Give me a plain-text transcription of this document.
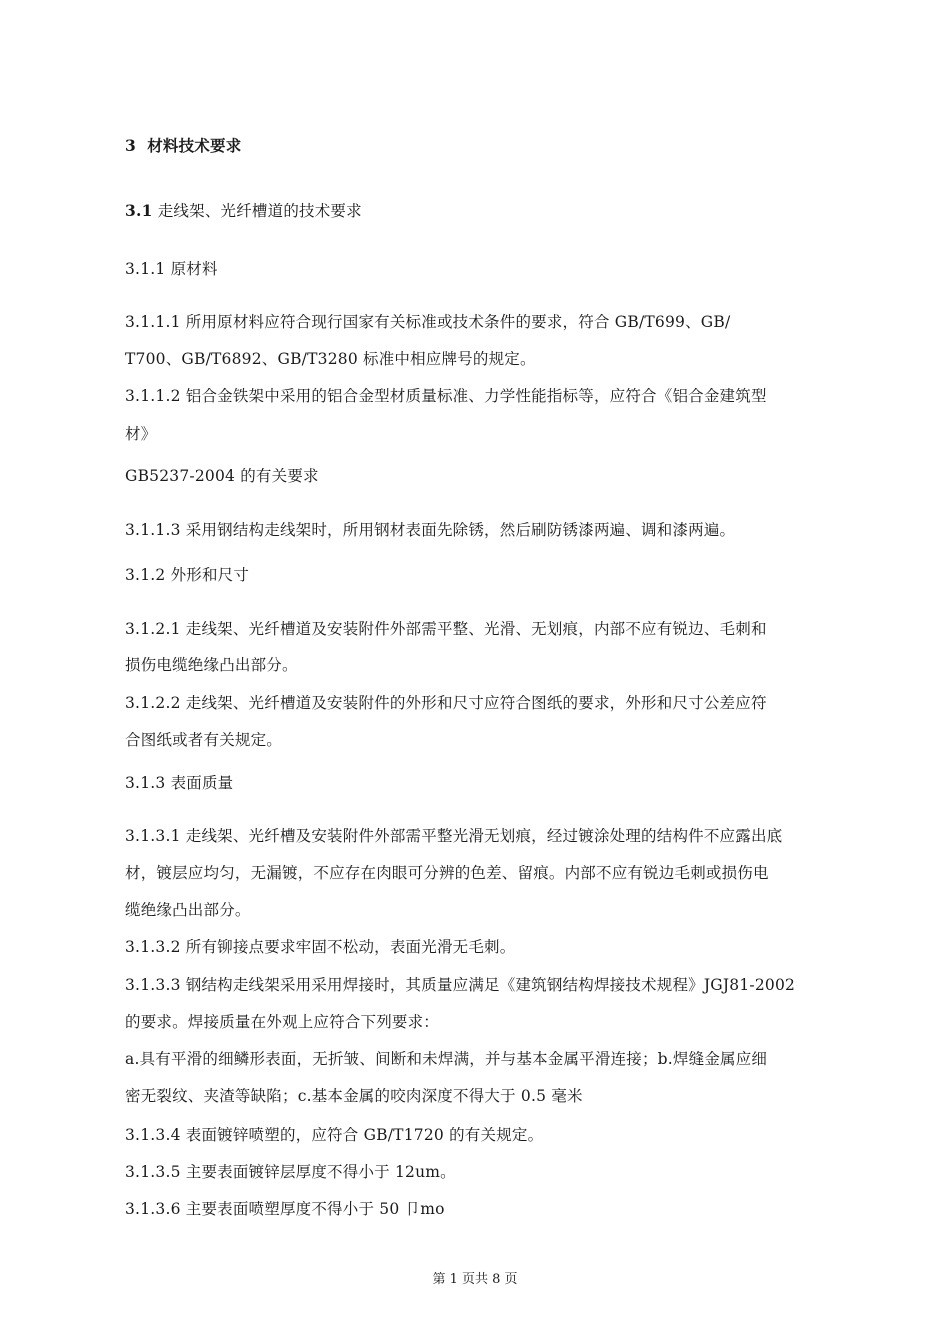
3 材料技术要求
3.1 走线架、光纤槽道的技术要求
3.1.1 原材料
3.1.1.1 所用原材料应符合现行国家有关标准或技术条件的要求，符合 GB/T699、GB/
T700、GB/T6892、GB/T3280 标准中相应牌号的规定。
3.1.1.2 铝合金铁架中采用的铝合金型材质量标准、力学性能指标等，应符合《铝合金建筑型
材》
GB5237-2004 的有关要求
3.1.1.3 采用钢结构走线架时，所用钢材表面先除锈，然后刷防锈漆两遍、调和漆两遍。
3.1.2 外形和尺寸
3.1.2.1 走线架、光纤槽道及安装附件外部需平整、光滑、无划痕，内部不应有锐边、毛刺和
损伤电缆绝缘凸出部分。
3.1.2.2 走线架、光纤槽道及安装附件的外形和尺寸应符合图纸的要求，外形和尺寸公差应符
合图纸或者有关规定。
3.1.3 表面质量
3.1.3.1 走线架、光纤槽及安装附件外部需平整光滑无划痕，经过镀涂处理的结构件不应露出底
材，镀层应均匀，无漏镀，不应存在肉眼可分辨的色差、留痕。内部不应有锐边毛刺或损伤电
缆绝缘凸出部分。
3.1.3.2 所有铆接点要求牢固不松动，表面光滑无毛刺。
3.1.3.3 钢结构走线架采用采用焊接时，其质量应满足《建筑钢结构焊接技术规程》JGJ81-2002
的要求。焊接质量在外观上应符合下列要求：
a.具有平滑的细鳞形表面，无折皱、间断和未焊满，并与基本金属平滑连接；b.焊缝金属应细
密无裂纹、夹渣等缺陷；c.基本金属的咬肉深度不得大于 0.5 毫米
3.1.3.4 表面镀锌喷塑的，应符合 GB/T1720 的有关规定。
3.1.3.5 主要表面镀锌层厚度不得小于 12um。
3.1.3.6 主要表面喷塑厚度不得小于 50 卩mo
第 1 页共 8 页
